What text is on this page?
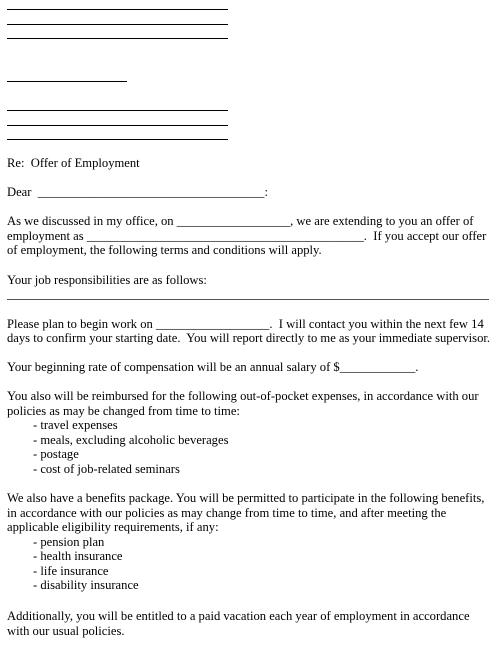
Re:  Offer of Employment

Dear  ____________________________________:

As we discussed in my office, on __________________, we are extending to you an offer of

employment as ____________________________________________.  If you accept our offer

of employment, the following terms and conditions will apply.

Your job responsibilities are as follows:

Please plan to begin work on __________________.  I will contact you within the next few 14

days to confirm your starting date.  You will report directly to me as your immediate supervisor.

Your beginning rate of compensation will be an annual salary of $____________.

You also will be reimbursed for the following out-of-pocket expenses, in accordance with our

policies as may be changed from time to time:

- travel expenses

- meals, excluding alcoholic beverages

- postage

- cost of job-related seminars

We also have a benefits package. You will be permitted to participate in the following benefits,

in accordance with our policies as may change from time to time, and after meeting the

applicable eligibility requirements, if any:

- pension plan

- health insurance

- life insurance

- disability insurance

Additionally, you will be entitled to a paid vacation each year of employment in accordance

with our usual policies.
